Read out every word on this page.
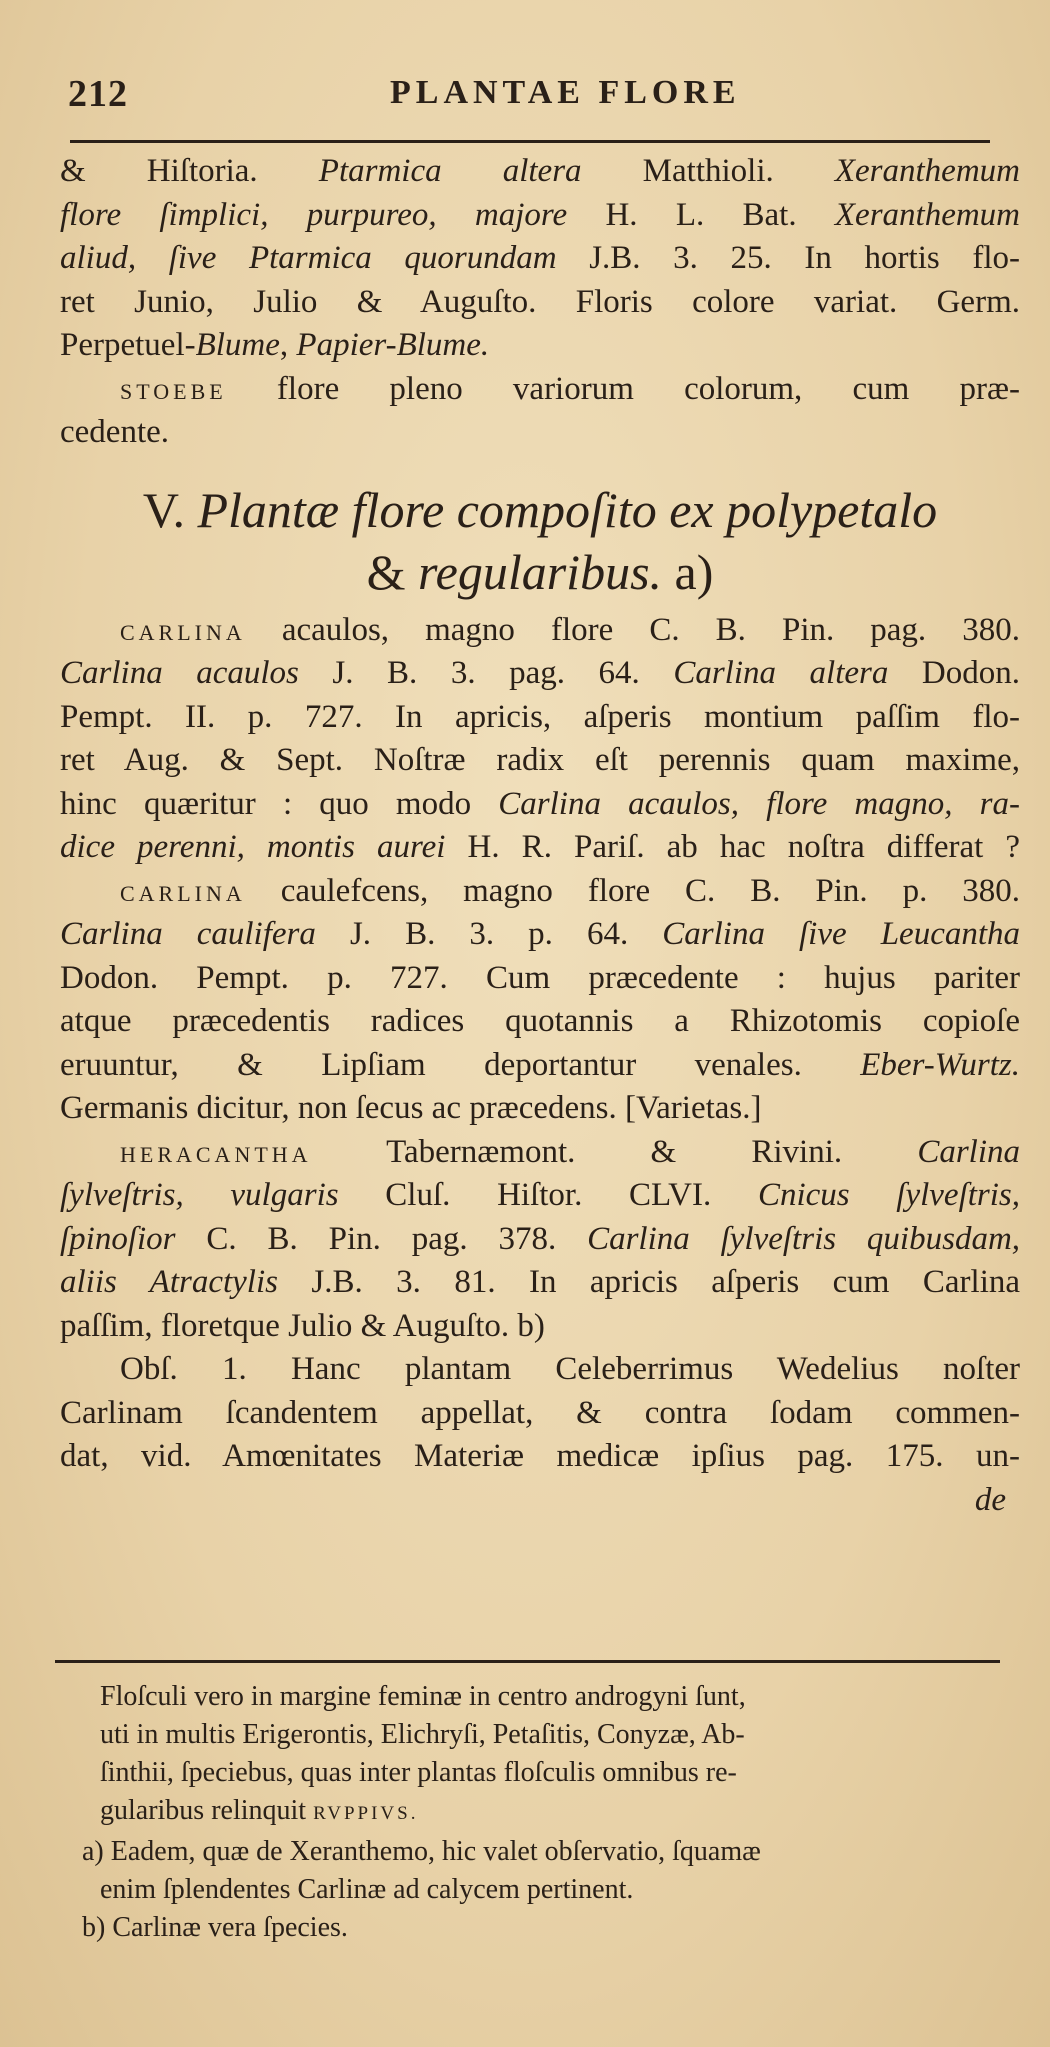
212	PLANTAE FLORE
& Hiſtoria. Ptarmica altera Matthioli. Xeranthemum
flore ſimplici, purpureo, majore H. L. Bat. Xeranthemum
aliud, ſive Ptarmica quorundam J.B. 3. 25. In hortis flo-
ret Junio, Julio & Auguſto. Floris colore variat. Germ.
Perpetuel-Blume, Papier-Blume.
STOEBE flore pleno variorum colorum, cum præ-
cedente.
V. Plantæ flore compoſito ex polypetalo
& regularibus. a)
CARLINA acaulos, magno flore C. B. Pin. pag. 380.
Carlina acaulos J. B. 3. pag. 64. Carlina altera Dodon.
Pempt. II. p. 727. In apricis, aſperis montium paſſim flo-
ret Aug. & Sept. Noſtræ radix eſt perennis quam maxime,
hinc quæritur : quo modo Carlina acaulos, flore magno, ra-
dice perenni, montis aurei H. R. Pariſ. ab hac noſtra differat ?
CARLINA caulefcens, magno flore C. B. Pin. p. 380.
Carlina caulifera J. B. 3. p. 64. Carlina ſive Leucantha
Dodon. Pempt. p. 727. Cum præcedente : hujus pariter
atque præcedentis radices quotannis a Rhizotomis copioſe
eruuntur, & Lipſiam deportantur venales. Eber-Wurtz.
Germanis dicitur, non ſecus ac præcedens. [Varietas.]
HERACANTHA Tabernæmont. & Rivini. Carlina
ſylveſtris, vulgaris Cluſ. Hiſtor. CLVI. Cnicus ſylveſtris,
ſpinoſior C. B. Pin. pag. 378. Carlina ſylveſtris quibusdam,
aliis Atractylis J.B. 3. 81. In apricis aſperis cum Carlina
paſſim, floretque Julio & Auguſto. b)
Obſ. 1. Hanc plantam Celeberrimus Wedelius noſter
Carlinam ſcandentem appellat, & contra ſodam commen-
dat, vid. Amœnitates Materiæ medicæ ipſius pag. 175. un-
de
Floſculi vero in margine feminæ in centro androgyni ſunt,
uti in multis Erigerontis, Elichryſi, Petaſitis, Conyzæ, Ab-
ſinthii, ſpeciebus, quas inter plantas floſculis omnibus re-
gularibus relinquit RVPPIVS.
a) Eadem, quæ de Xeranthemo, hic valet obſervatio, ſquamæ
enim ſplendentes Carlinæ ad calycem pertinent.
b) Carlinæ vera ſpecies.
